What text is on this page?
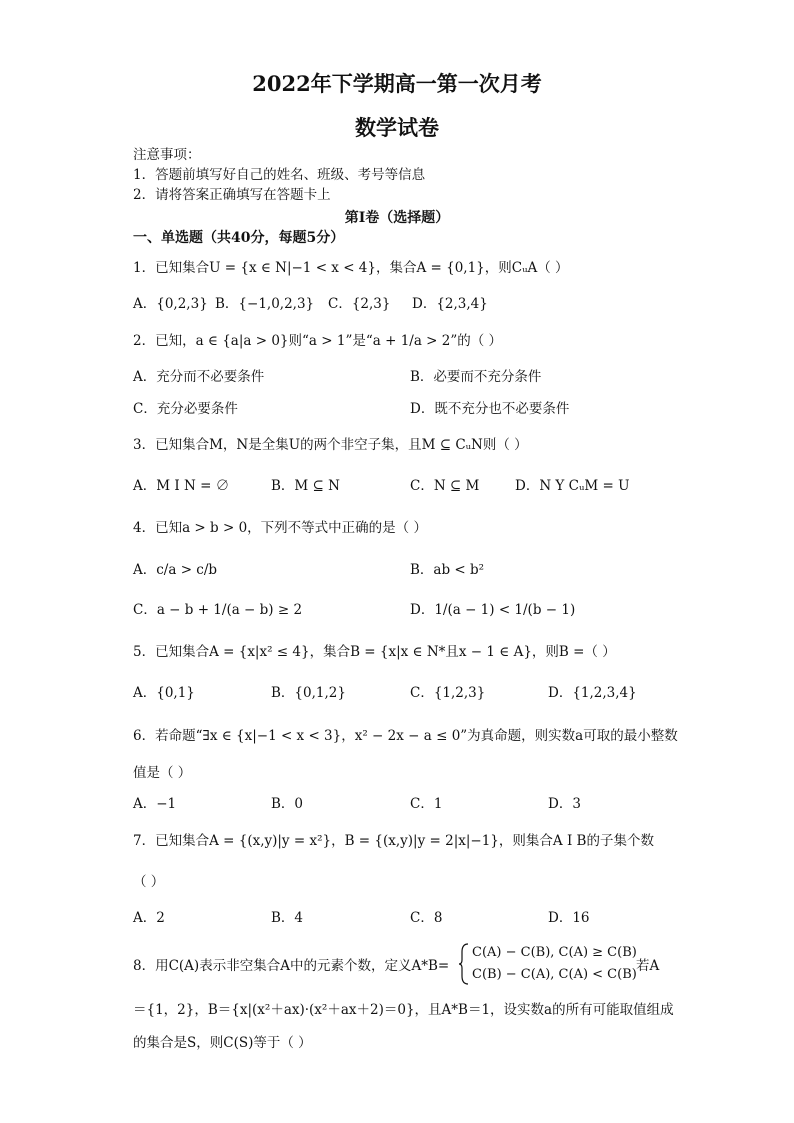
2022年下学期高一第一次月考
数学试卷
注意事项：
1．答题前填写好自己的姓名、班级、考号等信息
2．请将答案正确填写在答题卡上
第I卷（选择题）
一、单选题（共40分，每题5分）
1．已知集合U = {x ∈ N|−1 < x < 4}，集合A = {0,1}，则CᵤA（ ）
A．{0,2,3} B．{−1,0,2,3} C．{2,3} D．{2,3,4}
2．已知，a ∈ {a|a > 0}则“a > 1”是“a + 1/a > 2”的（ ）
A．充分而不必要条件	B．必要而不充分条件
C．充分必要条件	D．既不充分也不必要条件
3．已知集合M，N是全集U的两个非空子集，且M ⊆ CᵤN则（ ）
A．M I N = ∅	B．M ⊆ N	C．N ⊆ M	D．N Y CᵤM = U
4．已知a > b > 0，下列不等式中正确的是（ ）
A．c/a > c/b	B．ab < b²
C．a − b + 1/(a − b) ≥ 2	D．1/(a − 1) < 1/(b − 1)
5．已知集合A = {x|x² ≤ 4}，集合B = {x|x ∈ N*且x − 1 ∈ A}，则B =（ ）
A．{0,1}	B．{0,1,2}	C．{1,2,3}	D．{1,2,3,4}
6．若命题“∃x ∈ {x|−1 < x < 3}，x² − 2x − a ≤ 0”为真命题，则实数a可取的最小整数
值是（ ）
A．−1	B．0	C．1	D．3
7．已知集合A = {(x,y)|y = x²}，B = {(x,y)|y = 2|x|−1}，则集合A I B的子集个数
（ ）
A．2	B．4	C．8	D．16
8．用C(A)表示非空集合A中的元素个数，定义A*B=
C(A) − C(B), C(A) ≥ C(B)
C(B) − C(A), C(A) < C(B)
若A
＝{1，2}，B＝{x|(x²＋ax)·(x²＋ax＋2)＝0}，且A*B＝1，设实数a的所有可能取值组成
的集合是S，则C(S)等于（ ）
